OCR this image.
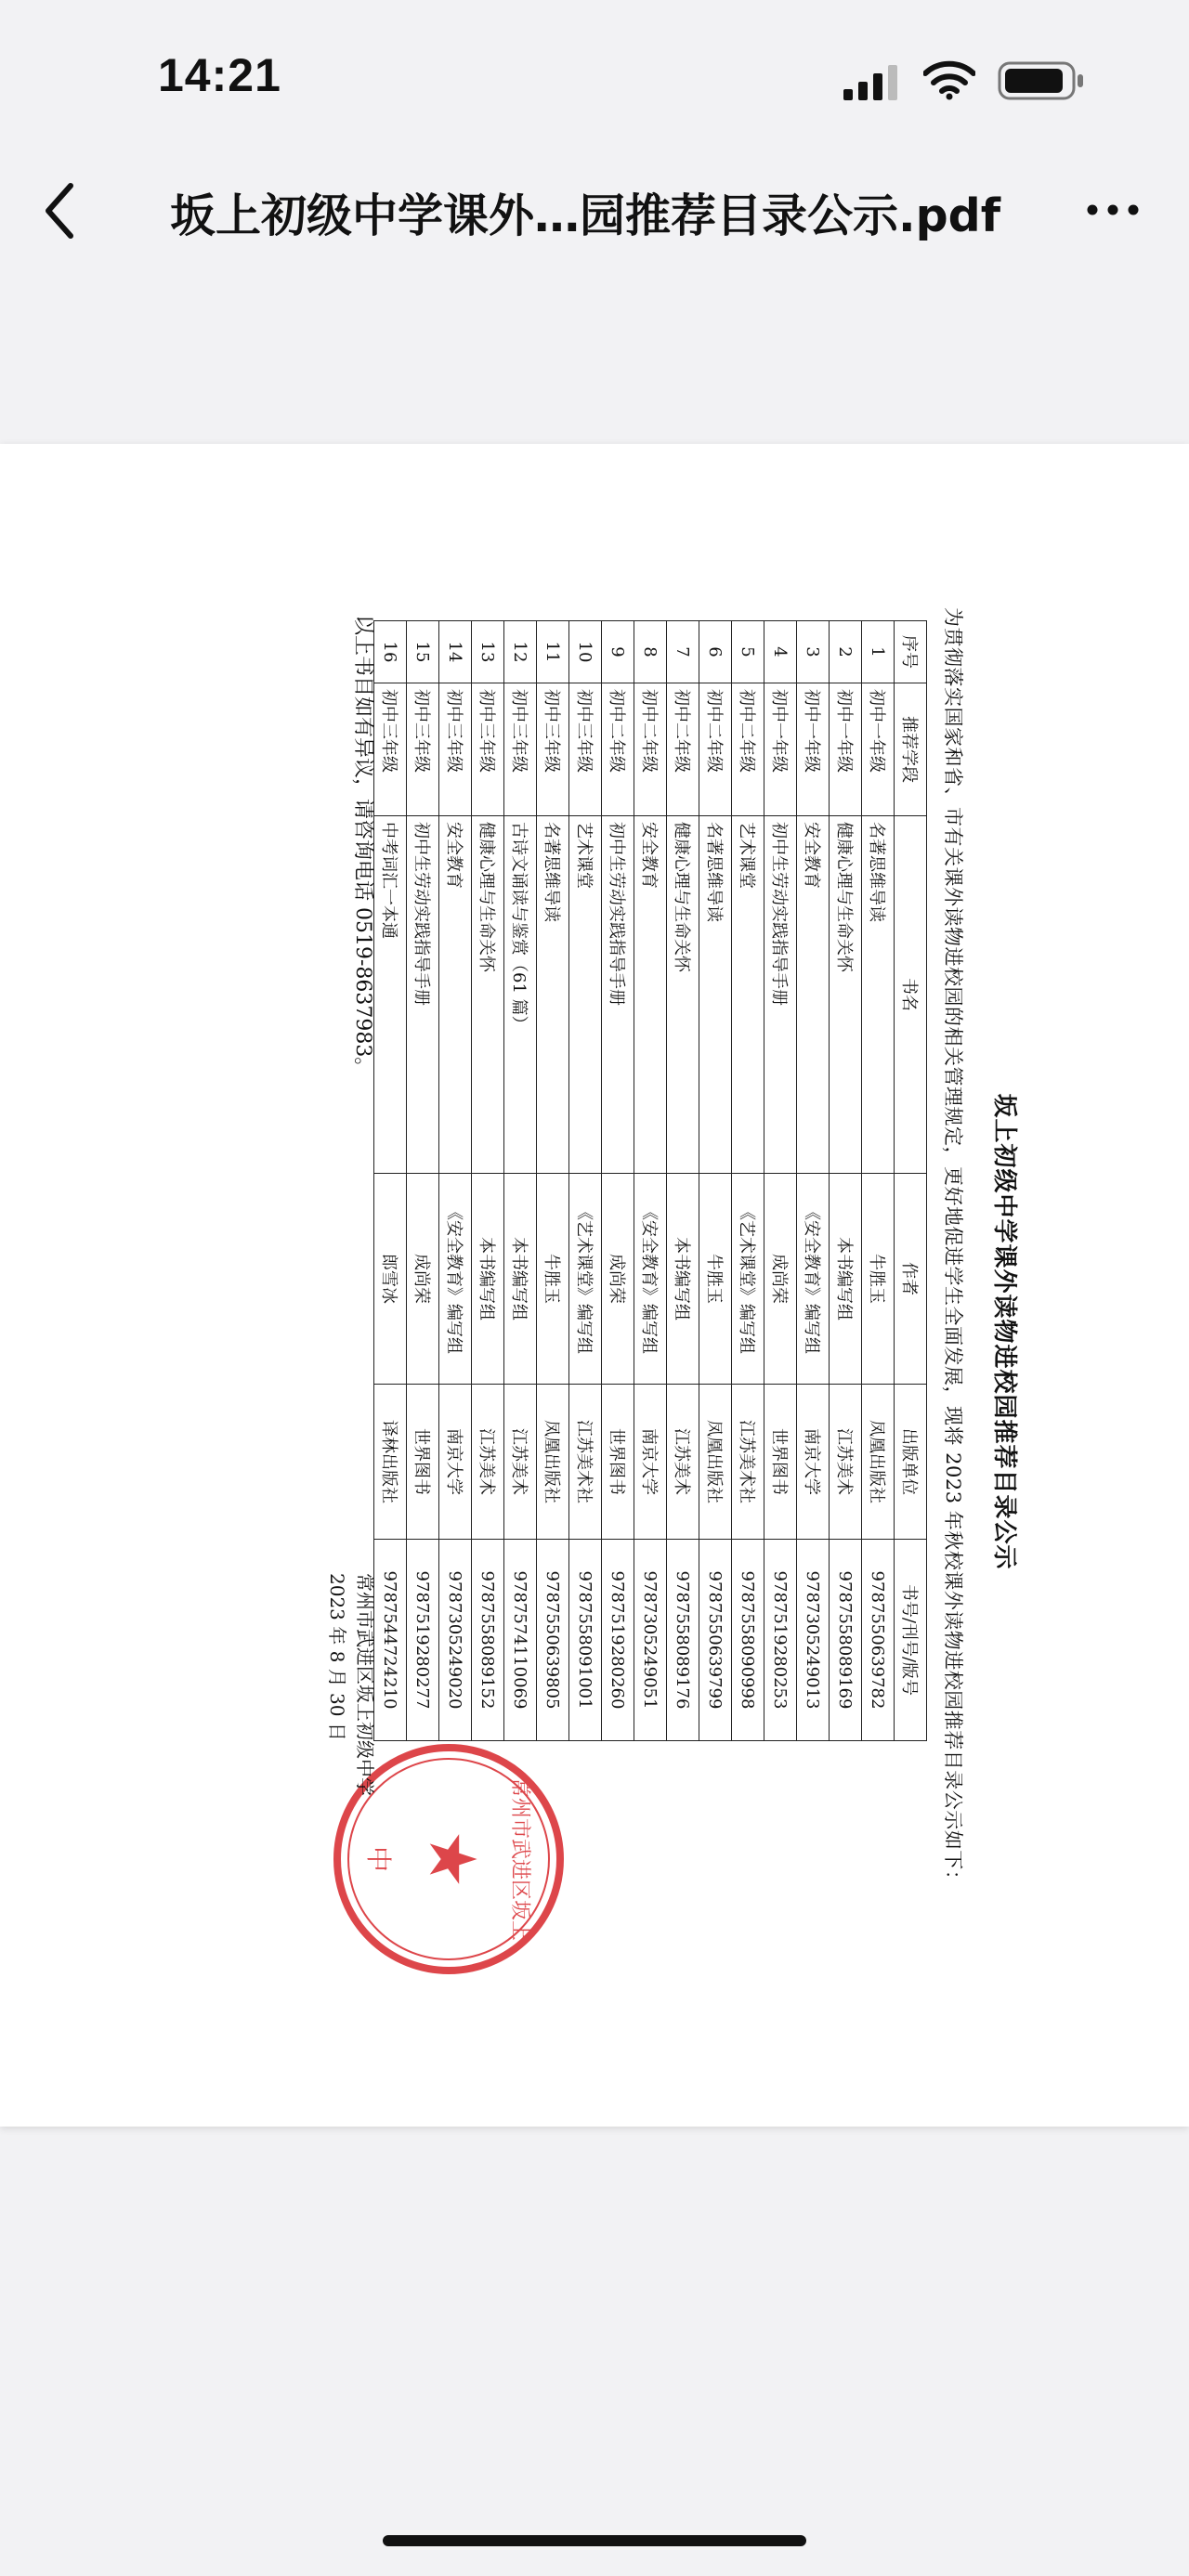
14:21
坂上初级中学课外…园推荐目录公示.pdf
坂上初级中学课外读物进校园推荐目录公示
为贯彻落实国家和省、市有关课外读物进校园的相关管理规定，更好地促进学生全面发展，现将 2023 年秋校课外读物进校园推荐目录公示如下：
序号	推荐学段	书名	作者	出版单位	书号/刊号/版号
1	初中一年级	名著思维导读	牛胜玉	凤凰出版社	9787550639782
2	初中一年级	健康心理与生命关怀	本书编写组	江苏美术	9787558089169
3	初中一年级	安全教育	《安全教育》编写组	南京大学	9787305249013
4	初中一年级	初中生劳动实践指导手册	成尚荣	世界图书	9787519280253
5	初中二年级	艺术课堂	《艺术课堂》编写组	江苏美术社	9787558090998
6	初中二年级	名著思维导读	牛胜玉	凤凰出版社	9787550639799
7	初中二年级	健康心理与生命关怀	本书编写组	江苏美术	9787558089176
8	初中二年级	安全教育	《安全教育》编写组	南京大学	9787305249051
9	初中二年级	初中生劳动实践指导手册	成尚荣	世界图书	9787519280260
10	初中三年级	艺术课堂	《艺术课堂》编写组	江苏美术社	9787558091001
11	初中三年级	名著思维导读	牛胜玉	凤凰出版社	9787550639805
12	初中三年级	古诗文诵读与鉴赏（61 篇）	本书编写组	江苏美术	9787574110069
13	初中三年级	健康心理与生命关怀	本书编写组	江苏美术	9787558089152
14	初中三年级	安全教育	《安全教育》编写组	南京大学	9787305249020
15	初中三年级	初中生劳动实践指导手册	成尚荣	世界图书	9787519280277
16	初中三年级	中考词汇一本通	郎雪冰	译林出版社	9787544724210
★
中	常州市武进区坂上
以上书目如有异议，请咨询电话 0519-8637983。
常州市武进区坂上初级中学
2023 年 8 月 30 日
